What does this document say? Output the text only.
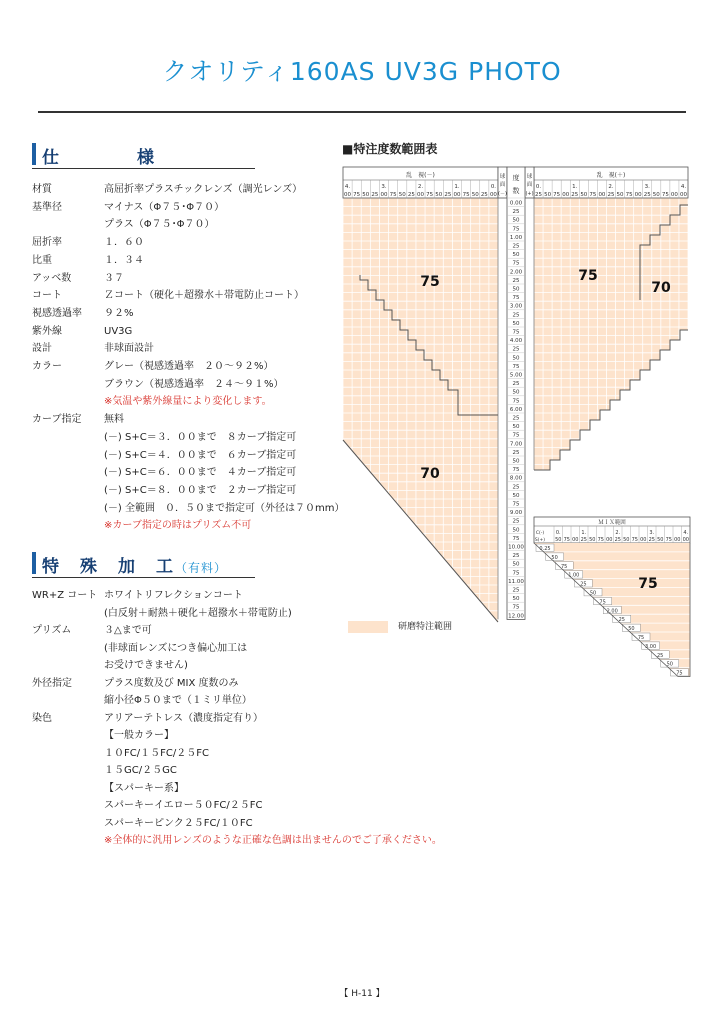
クオリティ160AS UV3G PHOTO
仕　　　　様
材質	高屈折率プラスチックレンズ（調光レンズ）
基準径	マイナス（Φ７５･Φ７０）
プラス（Φ７５･Φ７０）
屈折率	１．６０
比重	１．３４
アッベ数	３７
コート	Ｚコート（硬化＋超撥水＋帯電防止コート）
視感透過率 ９２%
紫外線	UV3G
設計	非球面設計
カラー	グレー（視感透過率　２０～９２%）
ブラウン（視感透過率　２４～９１%）
※気温や紫外線量により変化します。
カーブ指定 無料
(－) S+C＝３．００まで　８カーブ指定可
(－) S+C＝４．００まで　６カーブ指定可
(－) S+C＝６．００まで　４カーブ指定可
(－) S+C＝８．００まで　２カーブ指定可
(－) 全範囲　０．５０まで指定可（外径は７０mm）
※カーブ指定の時はプリズム不可
特　殊　加　工（有料）
WR+Z コート ホワイトリフレクションコート
(白反射＋耐熱＋硬化＋超撥水＋帯電防止)
プリズム	３△まで可
(非球面レンズにつき偏心加工は
お受けできません)
外径指定	プラス度数及び MIX 度数のみ
縮小径Φ５０まで（１ミリ単位）
染色	アリアーテトレス（濃度指定有り）
【一般カラー】
１０FC/１５FC/２５FC
１５GC/２５GC
【スパーキー系】
スパーキーイエロー５０FC/２５FC
スパーキーピンク２５FC/１０FC
※全体的に汎用レンズのような正確な色調は出ませんのでご了承ください。
■特注度数範囲表
乱　視(－)	乱　視(＋)
4.
00 75 50 25
3.
00 75 50 25
2.
00 75 50 25
1.
00 75 50 25
0.
00
0.
25 50 75 00
1.
25 50 75 00
2.
25 50 75 00
3.
25 50 75 00
4.
00
球
面
(－)
球
面
(+)
度
数
0.00
25
50
75
1.00
25
50
75
2.00
25
50
75
3.00
25
50
75
4.00
25
50
75
5.00
25
50
75
6.00
25
50
75
7.00
25
50
75
8.00
25
50
75
9.00
25
50
75
10.00
25
50
75
11.00
25
50
75
12.00
75
70
75
70
ＭＩＸ範囲
C(-)
S(+)
0.
50 75 00
1.
25 50 75 00
2.
25 50 75 00
3.
25 50 75 00
4.
00
0.25
50
75
1.00
25
50
75
2.00
25
50
75
3.00
25
50
75
75
研磨特注範囲
【 H-11 】
